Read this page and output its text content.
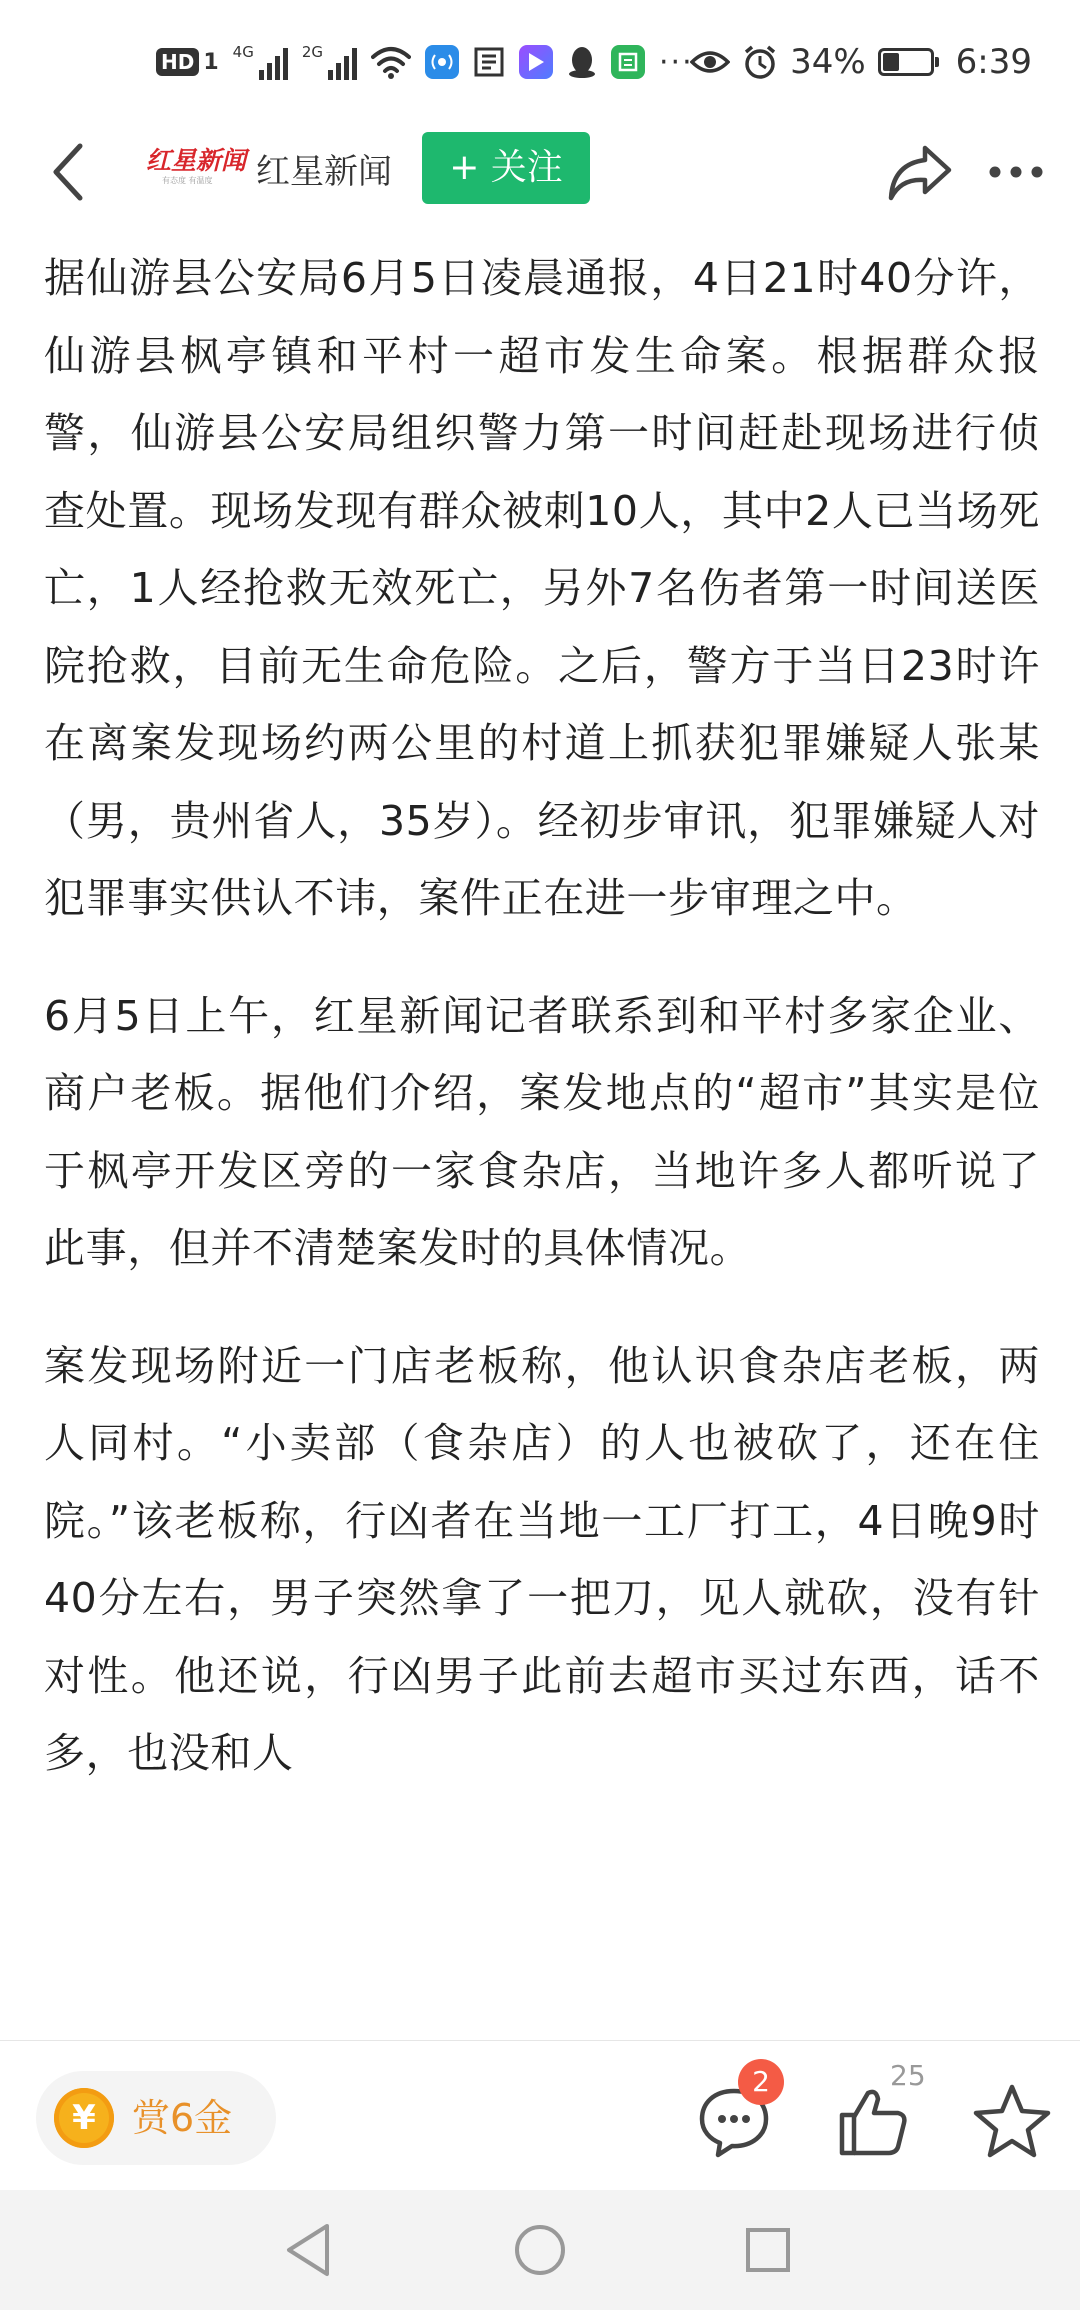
HD 1 4G	2G	···	34%	6:39
红星新闻
有态度 有温度	红星新闻	+ 关注

据仙游县公安局6月5日凌晨通报，4日21时40分许，仙游县枫亭镇和平村一超市发生命案。根据群众报警，仙游县公安局组织警力第一时间赶赴现场进行侦查处置。现场发现有群众被刺10人，其中2人已当场死亡，1人经抢救无效死亡，另外7名伤者第一时间送医院抢救，目前无生命危险。之后，警方于当日23时许在离案发现场约两公里的村道上抓获犯罪嫌疑人张某（男，贵州省人，35岁）。经初步审讯，犯罪嫌疑人对犯罪事实供认不讳，案件正在进一步审理之中。

6月5日上午，红星新闻记者联系到和平村多家企业、商户老板。据他们介绍，案发地点的“超市”其实是位于枫亭开发区旁的一家食杂店，当地许多人都听说了此事，但并不清楚案发时的具体情况。

案发现场附近一门店老板称，他认识食杂店老板，两人同村。“小卖部（食杂店）的人也被砍了，还在住院。”该老板称，行凶者在当地一工厂打工，4日晚9时40分左右，男子突然拿了一把刀，见人就砍，没有针对性。他还说，行凶男子此前去超市买过东西，话不多，也没和人

¥ 赏6金
2	25
